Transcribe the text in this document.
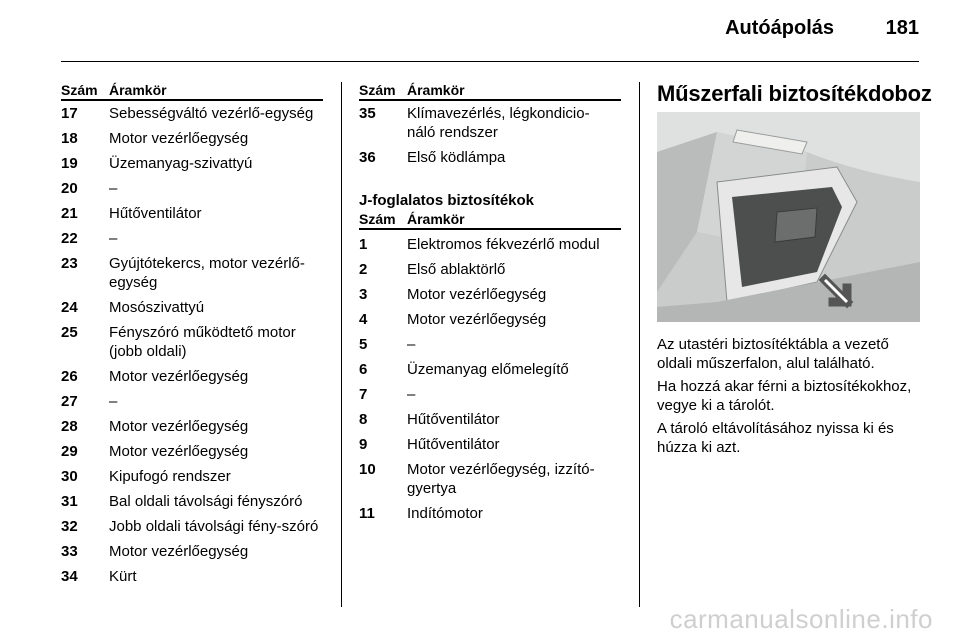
Autóápolás	181
Szám Áramkör
17	Sebességváltó vezérlő-egység
18	Motor vezérlőegység
19	Üzemanyag-szivattyú
20	–
21	Hűtőventilátor
22	–
23	Gyújtótekercs, motor vezérlő-egység
24	Mosószivattyú
25	Fényszóró működtető motor (jobb oldali)
26	Motor vezérlőegység
27	–
28	Motor vezérlőegység
29	Motor vezérlőegység
30	Kipufogó rendszer
31	Bal oldali távolsági fényszóró
32	Jobb oldali távolsági fény-szóró
33	Motor vezérlőegység
34	Kürt
Szám Áramkör
35	Klímavezérlés, légkondicio-náló rendszer
36	Első ködlámpa
J-foglalatos biztosítékok
Szám Áramkör
1	Elektromos fékvezérlő modul
2	Első ablaktörlő
3	Motor vezérlőegység
4	Motor vezérlőegység
5	–
6	Üzemanyag előmelegítő
7	–
8	Hűtőventilátor
9	Hűtőventilátor
10	Motor vezérlőegység, izzító-gyertya
11	Indítómotor
Műszerfali biztosítékdoboz
Az utastéri biztosítéktábla a vezető oldali műszerfalon, alul található.
Ha hozzá akar férni a biztosítékokhoz, vegye ki a tárolót.
A tároló eltávolításához nyissa ki és húzza ki azt.
carmanualsonline.info
